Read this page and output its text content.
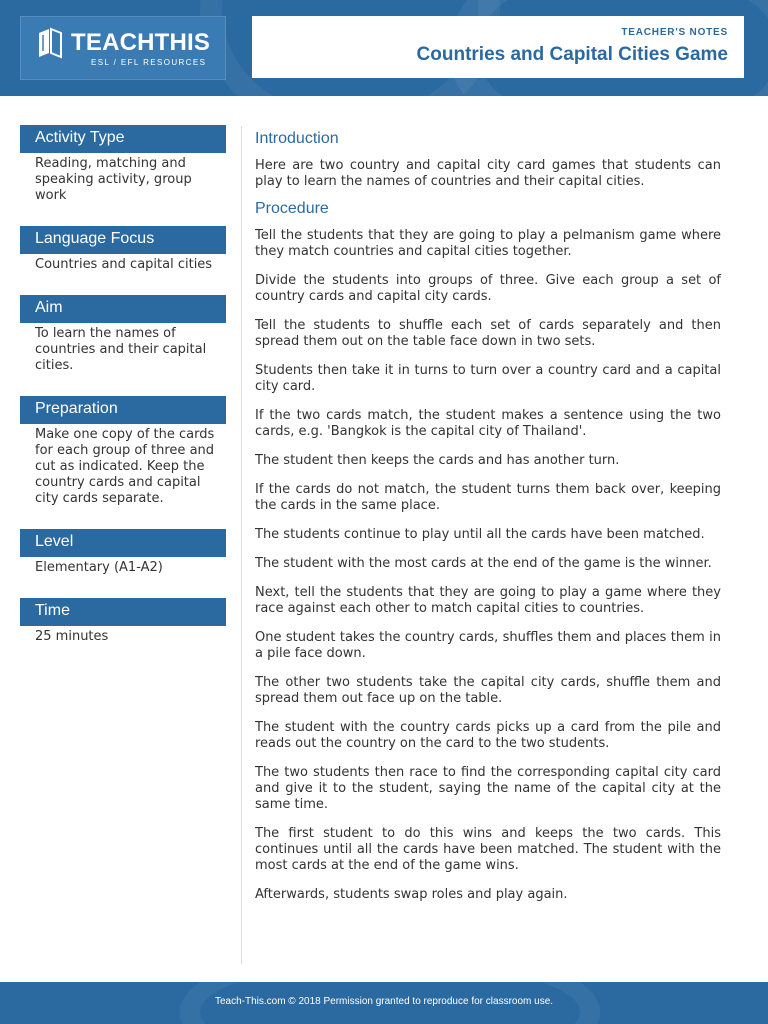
TEACHTHIS
ESL / EFL RESOURCES
TEACHER'S NOTES
Countries and Capital Cities Game
Activity Type
Reading, matching and speaking activity, group work
Language Focus
Countries and capital cities
Aim
To learn the names of countries and their capital cities.
Preparation
Make one copy of the cards for each group of three and cut as indicated. Keep the country cards and capital city cards separate.
Level
Elementary (A1-A2)
Time
25 minutes
Introduction
Here are two country and capital city card games that students can play to learn the names of countries and their capital cities.
Procedure
Tell the students that they are going to play a pelmanism game where they match countries and capital cities together.
Divide the students into groups of three. Give each group a set of country cards and capital city cards.
Tell the students to shuffle each set of cards separately and then spread them out on the table face down in two sets.
Students then take it in turns to turn over a country card and a capital city card.
If the two cards match, the student makes a sentence using the two cards, e.g. 'Bangkok is the capital city of Thailand'.
The student then keeps the cards and has another turn.
If the cards do not match, the student turns them back over, keeping the cards in the same place.
The students continue to play until all the cards have been matched.
The student with the most cards at the end of the game is the winner.
Next, tell the students that they are going to play a game where they race against each other to match capital cities to countries.
One student takes the country cards, shuffles them and places them in a pile face down.
The other two students take the capital city cards, shuffle them and spread them out face up on the table.
The student with the country cards picks up a card from the pile and reads out the country on the card to the two students.
The two students then race to find the corresponding capital city card and give it to the student, saying the name of the capital city at the same time.
The first student to do this wins and keeps the two cards. This continues until all the cards have been matched. The student with the most cards at the end of the game wins.
Afterwards, students swap roles and play again.
Teach-This.com © 2018 Permission granted to reproduce for classroom use.
